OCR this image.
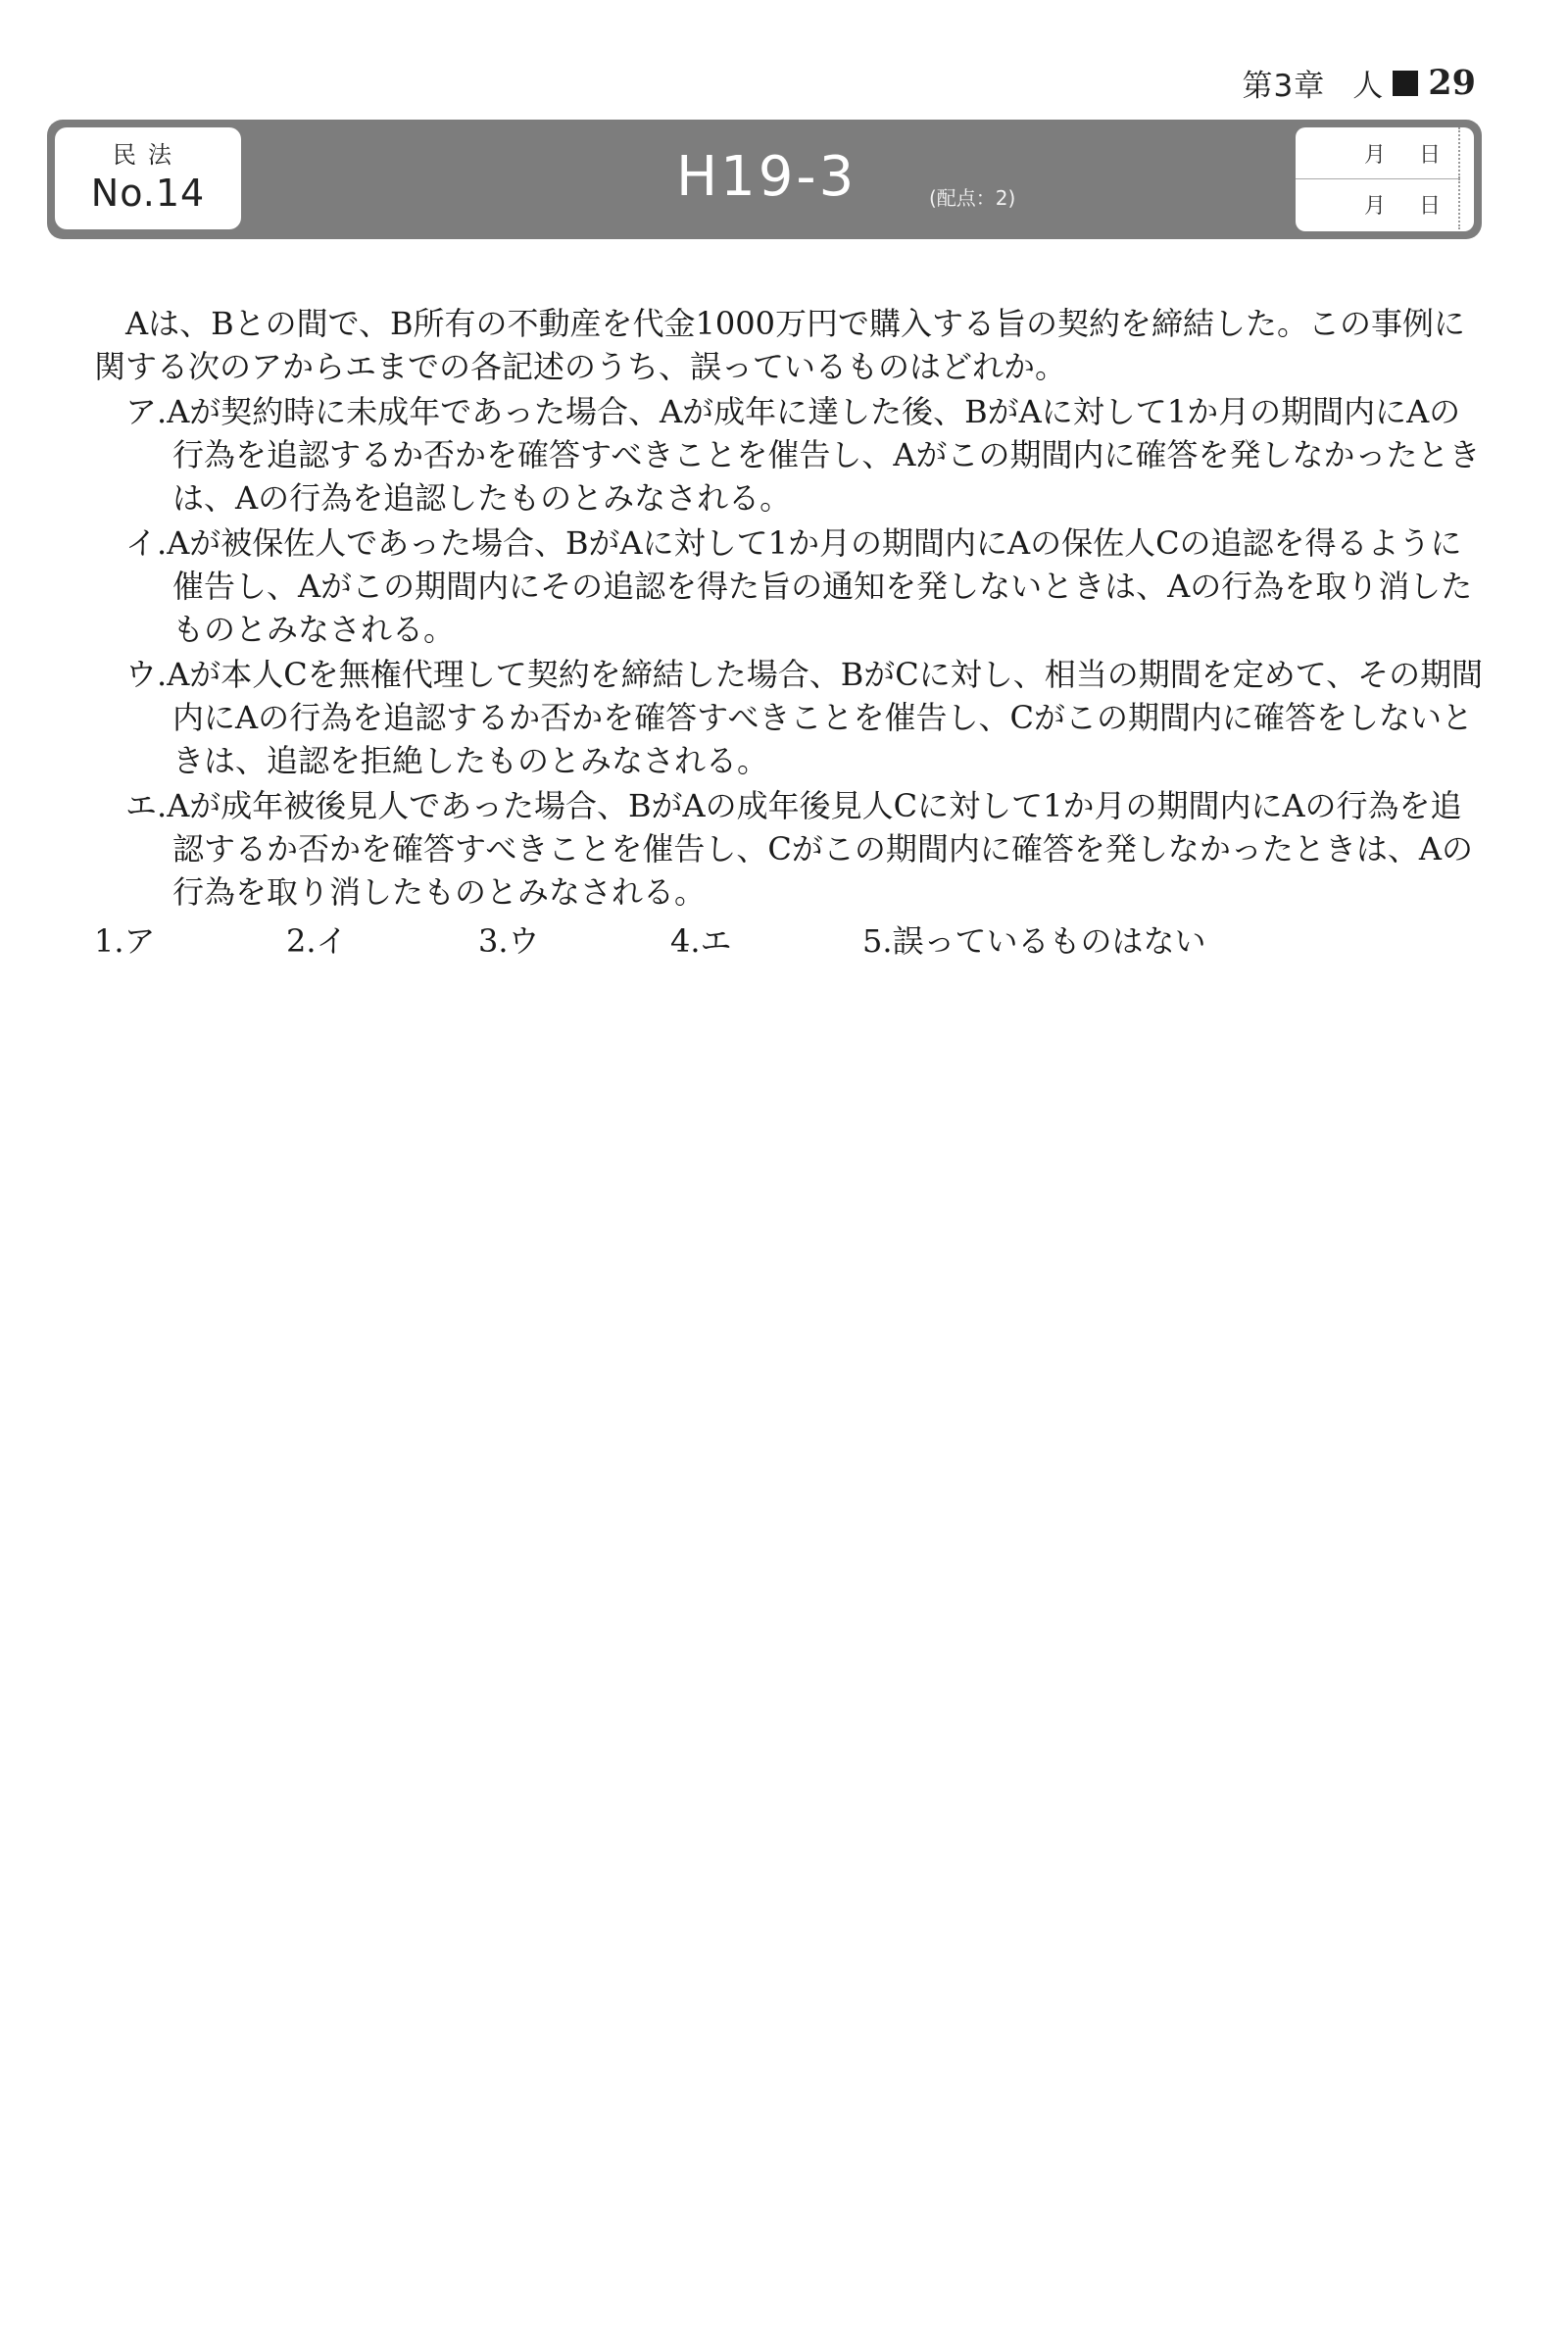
第3章 人 29
民法
No.14	H19-3	(配点：2)
月 日
月 日

Aは、Bとの間で、B所有の不動産を代金1000万円で購入する旨の契約を締結した。この事例に関する次のアからエまでの各記述のうち、誤っているものはどれか。

ア.Aが契約時に未成年であった場合、Aが成年に達した後、BがAに対して1か月の期間内にAの行為を追認するか否かを確答すべきことを催告し、Aがこの期間内に確答を発しなかったときは、Aの行為を追認したものとみなされる。

イ.Aが被保佐人であった場合、BがAに対して1か月の期間内にAの保佐人Cの追認を得るように催告し、Aがこの期間内にその追認を得た旨の通知を発しないときは、Aの行為を取り消したものとみなされる。

ウ.Aが本人Cを無権代理して契約を締結した場合、BがCに対し、相当の期間を定めて、その期間内にAの行為を追認するか否かを確答すべきことを催告し、Cがこの期間内に確答をしないときは、追認を拒絶したものとみなされる。

エ.Aが成年被後見人であった場合、BがAの成年後見人Cに対して1か月の期間内にAの行為を追認するか否かを確答すべきことを催告し、Cがこの期間内に確答を発しなかったときは、Aの行為を取り消したものとみなされる。

1.ア	2.イ	3.ウ	4.エ	5.誤っているものはない
